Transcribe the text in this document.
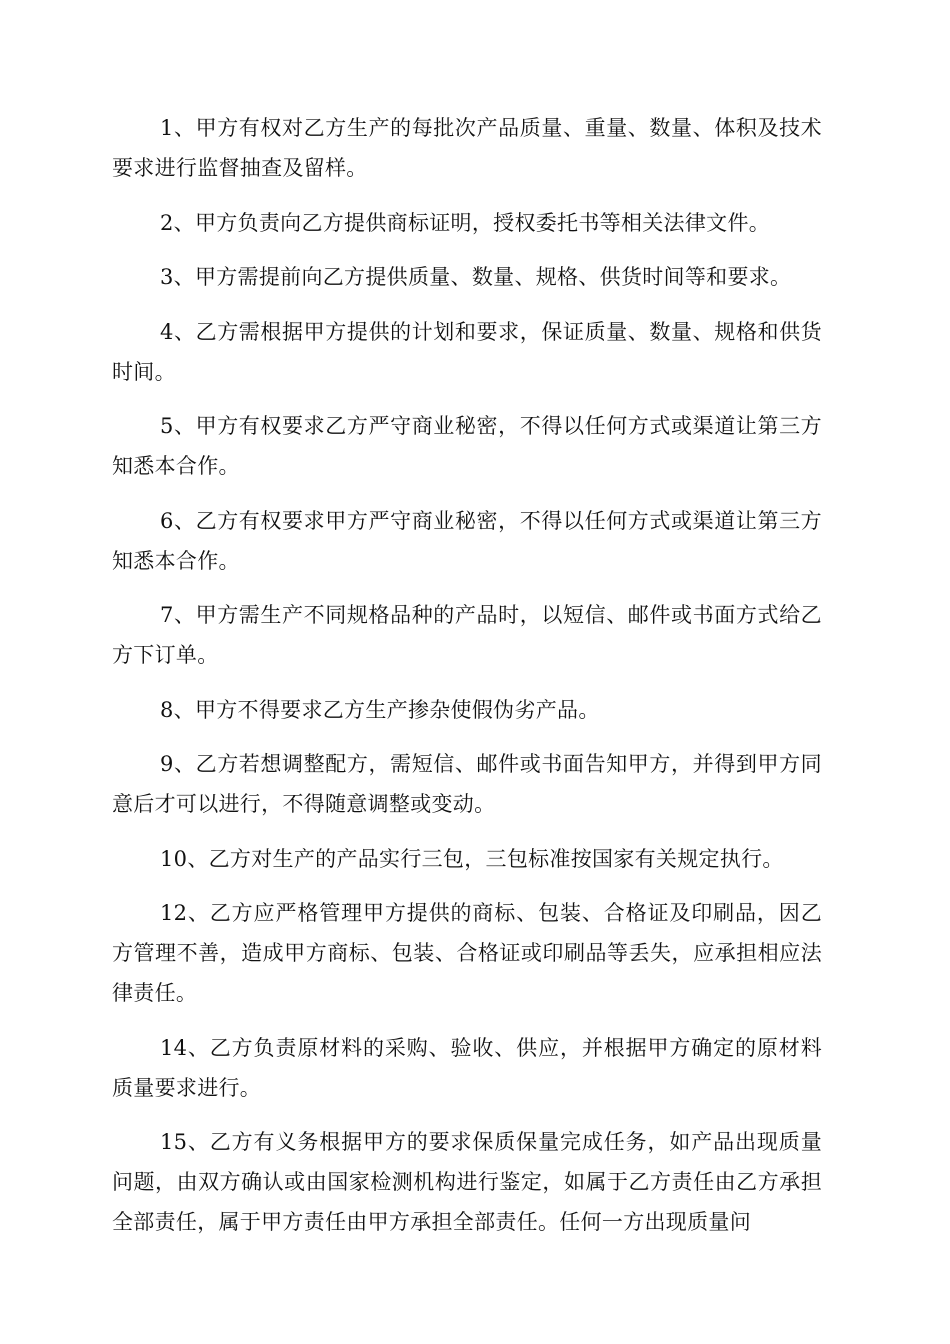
1、甲方有权对乙方生产的每批次产品质量、重量、数量、体积及技术要求进行监督抽查及留样。

2、甲方负责向乙方提供商标证明，授权委托书等相关法律文件。

3、甲方需提前向乙方提供质量、数量、规格、供货时间等和要求。

4、乙方需根据甲方提供的计划和要求，保证质量、数量、规格和供货时间。

5、甲方有权要求乙方严守商业秘密，不得以任何方式或渠道让第三方知悉本合作。

6、乙方有权要求甲方严守商业秘密，不得以任何方式或渠道让第三方知悉本合作。

7、甲方需生产不同规格品种的产品时，以短信、邮件或书面方式给乙方下订单。

8、甲方不得要求乙方生产掺杂使假伪劣产品。

9、乙方若想调整配方，需短信、邮件或书面告知甲方，并得到甲方同意后才可以进行，不得随意调整或变动。

10、乙方对生产的产品实行三包，三包标准按国家有关规定执行。

12、乙方应严格管理甲方提供的商标、包装、合格证及印刷品，因乙方管理不善，造成甲方商标、包装、合格证或印刷品等丢失，应承担相应法律责任。

14、乙方负责原材料的采购、验收、供应，并根据甲方确定的原材料质量要求进行。

15、乙方有义务根据甲方的要求保质保量完成任务，如产品出现质量问题，由双方确认或由国家检测机构进行鉴定，如属于乙方责任由乙方承担全部责任，属于甲方责任由甲方承担全部责任。任何一方出现质量问
